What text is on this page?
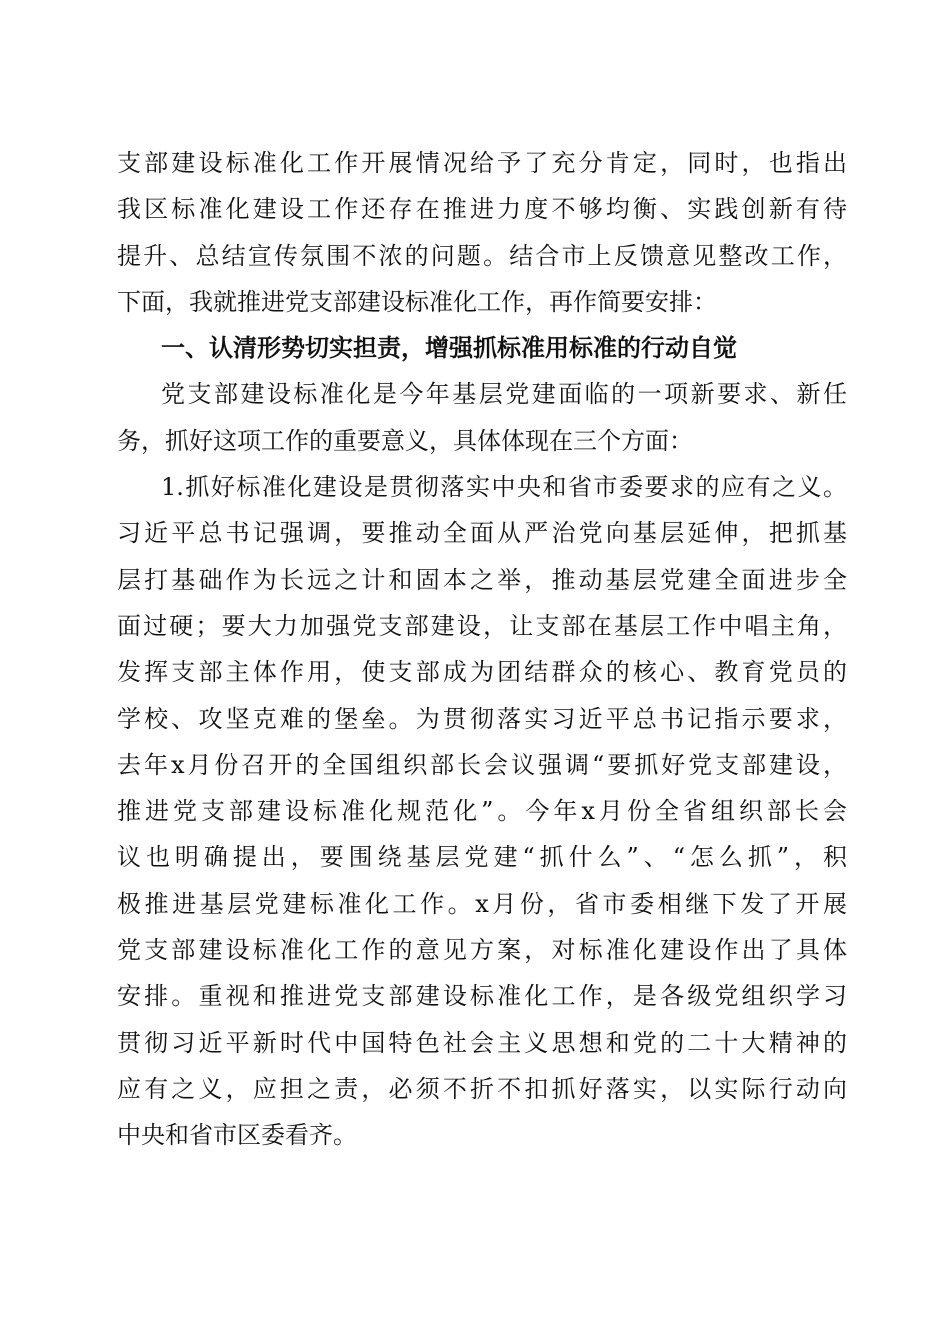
支部建设标准化工作开展情况给予了充分肯定，同时，也指出
我区标准化建设工作还存在推进力度不够均衡、实践创新有待
提升、总结宣传氛围不浓的问题。结合市上反馈意见整改工作，
下面，我就推进党支部建设标准化工作，再作简要安排：
一、认清形势切实担责，增强抓标准用标准的行动自觉
党支部建设标准化是今年基层党建面临的一项新要求、新任
务，抓好这项工作的重要意义，具体体现在三个方面：
1.抓好标准化建设是贯彻落实中央和省市委要求的应有之义。
习近平总书记强调，要推动全面从严治党向基层延伸，把抓基
层打基础作为长远之计和固本之举，推动基层党建全面进步全
面过硬；要大力加强党支部建设，让支部在基层工作中唱主角，
发挥支部主体作用，使支部成为团结群众的核心、教育党员的
学校、攻坚克难的堡垒。为贯彻落实习近平总书记指示要求，
去年x月份召开的全国组织部长会议强调“要抓好党支部建设，
推进党支部建设标准化规范化”。今年x月份全省组织部长会
议也明确提出，要围绕基层党建“抓什么”、“怎么抓”，积
极推进基层党建标准化工作。x月份，省市委相继下发了开展
党支部建设标准化工作的意见方案，对标准化建设作出了具体
安排。重视和推进党支部建设标准化工作，是各级党组织学习
贯彻习近平新时代中国特色社会主义思想和党的二十大精神的
应有之义，应担之责，必须不折不扣抓好落实，以实际行动向
中央和省市区委看齐。
